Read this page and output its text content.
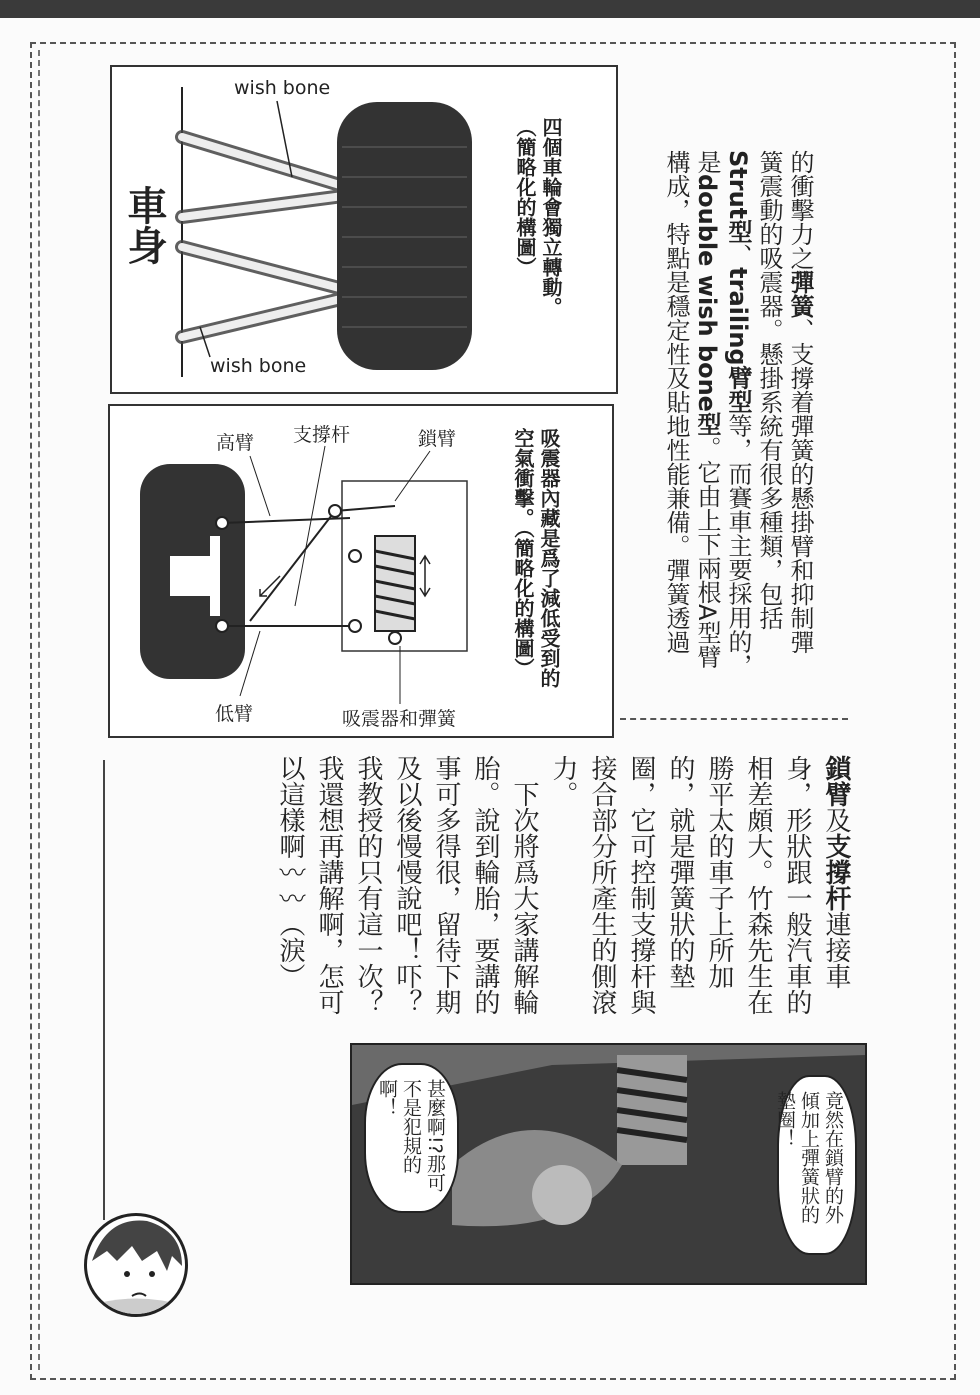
wish bone
wish bone
車身	四個車輪會獨立轉動。
（簡略化的構圖）
高臂 支撐杆	鎖臂
低臂	吸震器和彈簧
吸震器內藏是爲了減低受到的
空氣衝擊。（簡略化的構圖）
的衝擊力之彈簧、支撐着彈簧的懸掛臂和抑制彈
簧震動的吸震器。懸掛系統有很多種類，包括
Strut型、trailing臂型等，而賽車主要採用的，
是double wish bone型。它由上下兩根A型臂
構成，特點是穩定性及貼地性能兼備。彈簧透過
鎖臂及支撐杆連接車
身，形狀跟一般汽車的
相差頗大。竹森先生在
勝平太的車子上所加
的，就是彈簧狀的墊
圈，它可控制支撐杆與
接合部分所產生的側滾
力。
　下次將爲大家講解輪
胎。說到輪胎，要講的
事可多得很，留待下期
及以後慢慢說吧！吓？
我教授的只有這一次？
我還想再講解啊，怎可
以這樣啊〰〰（淚）
竟然在鎖臂的外傾加上彈簧狀的墊圈！
甚麼啊!?那可不是犯規的啊！
